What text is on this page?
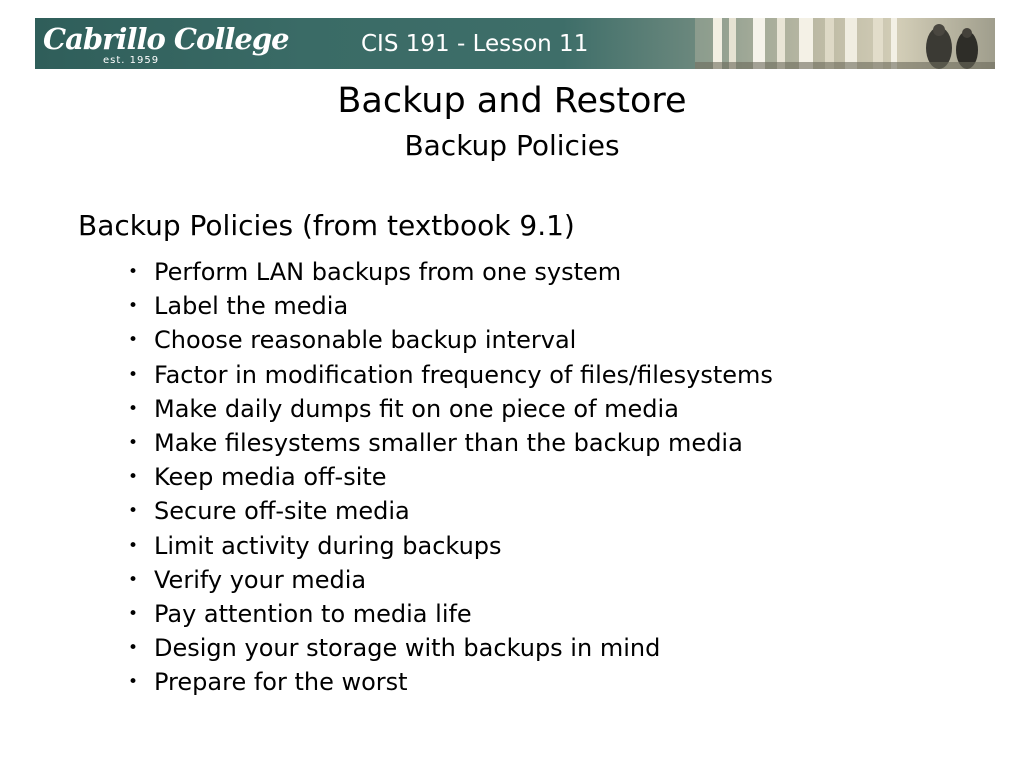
Cabrillo College
est. 1959
CIS 191 - Lesson 11
Backup and Restore
Backup Policies
Backup Policies (from textbook 9.1)
• Perform LAN backups from one system
• Label the media
• Choose reasonable backup interval
• Factor in modification frequency of files/filesystems
• Make daily dumps fit on one piece of media
• Make filesystems smaller than the backup media
• Keep media off-site
• Secure off-site media
• Limit activity during backups
• Verify your media
• Pay attention to media life
• Design your storage with backups in mind
• Prepare for the worst
